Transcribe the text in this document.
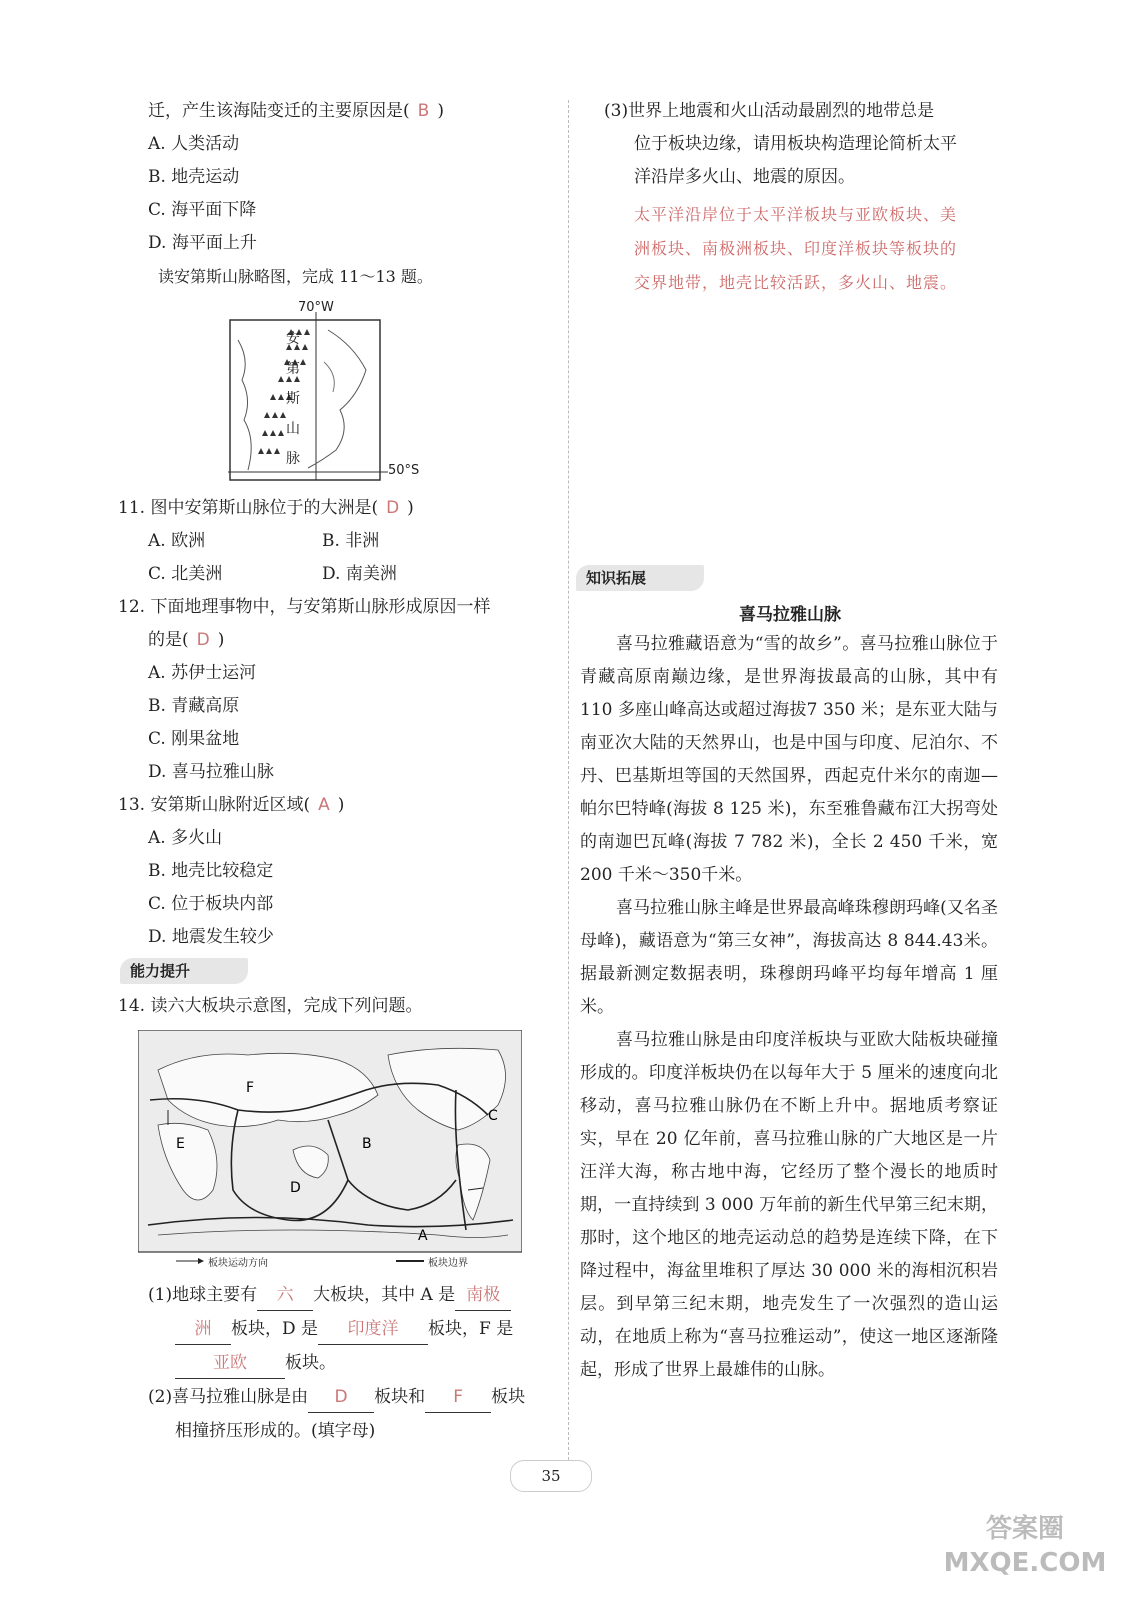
迁，产生该海陆变迁的主要原因是( B )
A. 人类活动
B. 地壳运动
C. 海平面下降
D. 海平面上升
读安第斯山脉略图，完成 11～13 题。
70°W
50°S
安
第
斯
山
脉
11. 图中安第斯山脉位于的大洲是( D )
A. 欧洲	B. 非洲
C. 北美洲	D. 南美洲
12. 下面地理事物中，与安第斯山脉形成原因一样
的是( D )
A. 苏伊士运河
B. 青藏高原
C. 刚果盆地
D. 喜马拉雅山脉
13. 安第斯山脉附近区域( A )
A. 多火山
B. 地壳比较稳定
C. 位于板块内部
D. 地震发生较少
能力提升
14. 读六大板块示意图，完成下列问题。
F
E	B
C
D
A
板块运动方向	板块边界
(1)地球主要有 六 大板块，其中 A 是 南极
洲 板块，D 是 印度洋 板块，F 是
亚欧 板块。
(2)喜马拉雅山脉是由 D 板块和 F 板块
相撞挤压形成的。(填字母)
(3)世界上地震和火山活动最剧烈的地带总是
位于板块边缘，请用板块构造理论简析太平
洋沿岸多火山、地震的原因。
太平洋沿岸位于太平洋板块与亚欧板块、美
洲板块、南极洲板块、印度洋板块等板块的
交界地带，地壳比较活跃，多火山、地震。
知识拓展
喜马拉雅山脉
喜马拉雅藏语意为“雪的故乡”。喜马拉雅山脉位于青藏高原南巅边缘，是世界海拔最高的山脉，其中有 110 多座山峰高达或超过海拔7 350 米；是东亚大陆与南亚次大陆的天然界山，也是中国与印度、尼泊尔、不丹、巴基斯坦等国的天然国界，西起克什米尔的南迦—帕尔巴特峰(海拔 8 125 米)，东至雅鲁藏布江大拐弯处的南迦巴瓦峰(海拔 7 782 米)，全长 2 450 千米，宽200 千米～350千米。
喜马拉雅山脉主峰是世界最高峰珠穆朗玛峰(又名圣母峰)，藏语意为“第三女神”，海拔高达 8 844.43米。据最新测定数据表明，珠穆朗玛峰平均每年增高 1 厘米。
喜马拉雅山脉是由印度洋板块与亚欧大陆板块碰撞形成的。印度洋板块仍在以每年大于 5 厘米的速度向北移动，喜马拉雅山脉仍在不断上升中。据地质考察证实，早在 20 亿年前，喜马拉雅山脉的广大地区是一片汪洋大海，称古地中海，它经历了整个漫长的地质时期，一直持续到 3 000 万年前的新生代早第三纪末期，那时，这个地区的地壳运动总的趋势是连续下降，在下降过程中，海盆里堆积了厚达 30 000 米的海相沉积岩层。到早第三纪末期，地壳发生了一次强烈的造山运动，在地质上称为“喜马拉雅运动”，使这一地区逐渐隆起，形成了世界上最雄伟的山脉。
35
答案圈 MXQE.COM
